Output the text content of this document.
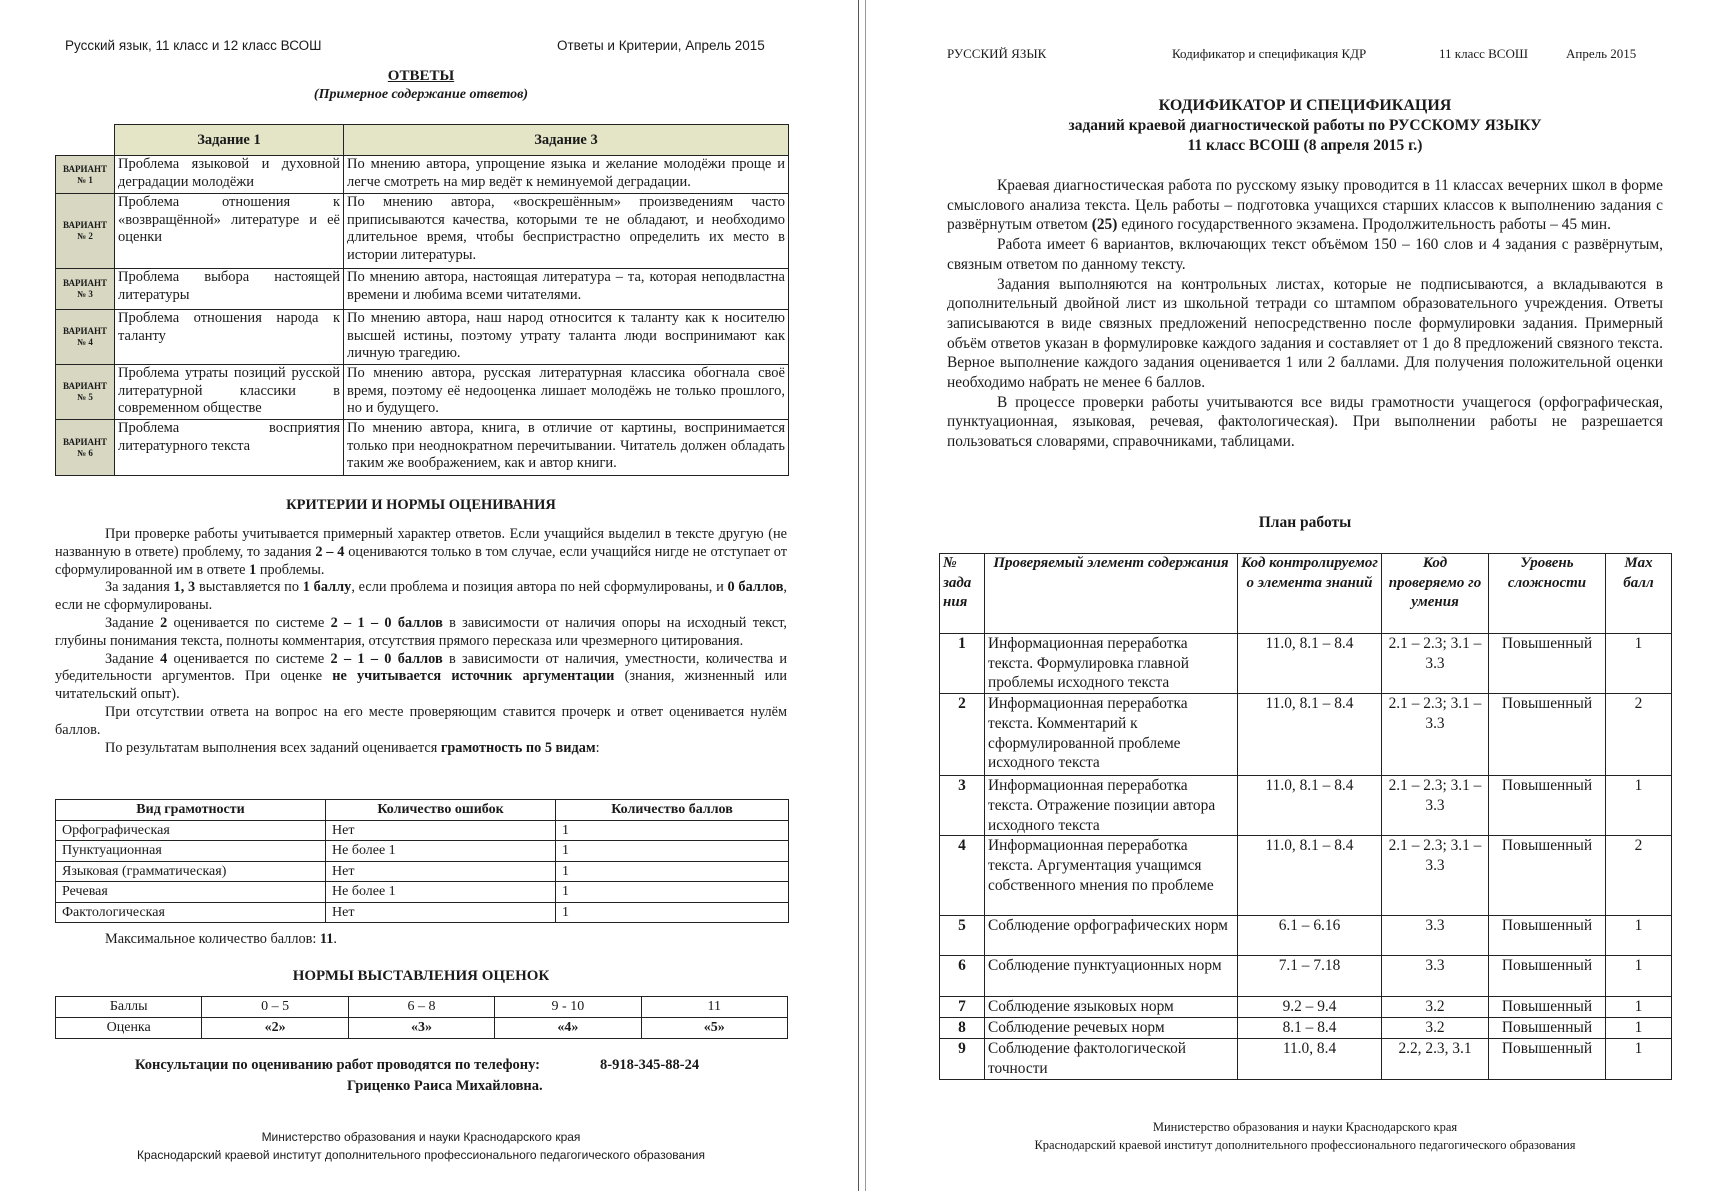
Русский язык, 11 класс и 12 класс ВСОШ	Ответы и Критерии, Апрель 2015
ОТВЕТЫ
(Примерное содержание ответов)
	Задание 1	Задание 3

ВАРИАНТ
№ 1	Проблема языковой и духовной деградации молодёжи	По мнению автора, упрощение языка и желание молодёжи проще и легче смотреть на мир ведёт к неминуемой деградации.

ВАРИАНТ
№ 2	Проблема отношения к «возвращённой» литературе и её оценки	По мнению автора, «воскрешённым» произведениям часто приписываются качества, которыми те не обладают, и необходимо длительное время, чтобы беспристрастно определить их место в истории литературы.

ВАРИАНТ
№ 3	Проблема выбора настоящей литературы	По мнению автора, настоящая литература – та, которая неподвластна времени и любима всеми читателями.

ВАРИАНТ
№ 4	Проблема отношения народа к таланту	По мнению автора, наш народ относится к таланту как к носителю высшей истины, поэтому утрату таланта люди воспринимают как личную трагедию.

ВАРИАНТ
№ 5	Проблема утраты позиций русской литературной классики в современном обществе	По мнению автора, русская литературная классика обогнала своё время, поэтому её недооценка лишает молодёжь не только прошлого, но и будущего.

ВАРИАНТ
№ 6	Проблема восприятия литературного текста	По мнению автора, книга, в отличие от картины, воспринимается только при неоднократном перечитывании. Читатель должен обладать таким же воображением, как и автор книги.
КРИТЕРИИ И НОРМЫ ОЦЕНИВАНИЯ

При проверке работы учитывается примерный характер ответов. Если учащийся выделил в тексте другую (не названную в ответе) проблему, то задания 2 – 4 оцениваются только в том случае, если учащийся нигде не отступает от сформулированной им в ответе 1 проблемы.

За задания 1, 3 выставляется по 1 баллу, если проблема и позиция автора по ней сформулированы, и 0 баллов, если не сформулированы.

Задание 2 оценивается по системе 2 – 1 – 0 баллов в зависимости от наличия опоры на исходный текст, глубины понимания текста, полноты комментария, отсутствия прямого пересказа или чрезмерного цитирования.

Задание 4 оценивается по системе 2 – 1 – 0 баллов в зависимости от наличия, уместности, количества и убедительности аргументов. При оценке не учитывается источник аргументации (знания, жизненный или читательский опыт).

При отсутствии ответа на вопрос на его месте проверяющим ставится прочерк и ответ оценивается нулём баллов.

По результатам выполнения всех заданий оценивается грамотность по 5 видам:

Вид грамотности	Количество ошибок	Количество баллов
Орфографическая	Нет	1
Пунктуационная	Не более 1	1
Языковая (грамматическая)	Нет	1
Речевая	Не более 1	1
Фактологическая	Нет	1
Максимальное количество баллов: 11.
НОРМЫ ВЫСТАВЛЕНИЯ ОЦЕНОК
Баллы	0 – 5	6 – 8	9 - 10	11
Оценка	«2»	«3»	«4»	«5»
Консультации по оцениванию работ проводятся по телефону:	8-918-345-88-24
Гриценко Раиса Михайловна.
Министерство образования и науки Краснодарского края
Краснодарский краевой институт дополнительного профессионального педагогического образования
РУССКИЙ ЯЗЫК	Кодификатор и спецификация КДР	11 класс ВСОШ	Апрель 2015
КОДИФИКАТОР И СПЕЦИФИКАЦИЯ
заданий краевой диагностической работы по РУССКОМУ ЯЗЫКУ
11 класс ВСОШ (8 апреля 2015 г.)

Краевая диагностическая работа по русскому языку проводится в 11 классах вечерних школ в форме смыслового анализа текста. Цель работы – подготовка учащихся старших классов к выполнению задания с развёрнутым ответом (25) единого государственного экзамена. Продолжительность работы – 45 мин.

Работа имеет 6 вариантов, включающих текст объёмом 150 – 160 слов и 4 задания с развёрнутым, связным ответом по данному тексту.

Задания выполняются на контрольных листах, которые не подписываются, а вкладываются в дополнительный двойной лист из школьной тетради со штампом образовательного учреждения. Ответы записываются в виде связных предложений непосредственно после формулировки задания. Примерный объём ответов указан в формулировке каждого задания и составляет от 1 до 8 предложений связного текста. Верное выполнение каждого задания оценивается 1 или 2 баллами. Для получения положительной оценки необходимо набрать не менее 6 баллов.

В процессе проверки работы учитываются все виды грамотности учащегося (орфографическая, пунктуационная, языковая, речевая, фактологическая). При выполнении работы не разрешается пользоваться словарями, справочниками, таблицами.

План работы
№ зада ния	Проверяемый элемент содержания	Код контролируемог о элемента знаний	Код проверяемо го умения	Уровень сложности	Max балл
1	Информационная переработка текста. Формулировка главной проблемы исходного текста	11.0, 8.1 – 8.4	2.1 – 2.3; 3.1 – 3.3	Повышенный	1
2	Информационная переработка текста. Комментарий к сформулированной проблеме исходного текста	11.0, 8.1 – 8.4	2.1 – 2.3; 3.1 – 3.3	Повышенный	2
3	Информационная переработка текста. Отражение позиции автора исходного текста	11.0, 8.1 – 8.4	2.1 – 2.3; 3.1 – 3.3	Повышенный	1
4	Информационная переработка текста. Аргументация учащимся собственного мнения по проблеме	11.0, 8.1 – 8.4	2.1 – 2.3; 3.1 – 3.3	Повышенный	2
5	Соблюдение орфографических норм	6.1 – 6.16	3.3	Повышенный	1
6	Соблюдение пунктуационных норм	7.1 – 7.18	3.3	Повышенный	1
7	Соблюдение языковых норм	9.2 – 9.4	3.2	Повышенный	1
8	Соблюдение речевых норм	8.1 – 8.4	3.2	Повышенный	1
9	Соблюдение фактологической точности	11.0, 8.4	2.2, 2.3, 3.1	Повышенный	1
Министерство образования и науки Краснодарского края
Краснодарский краевой институт дополнительного профессионального педагогического образования
